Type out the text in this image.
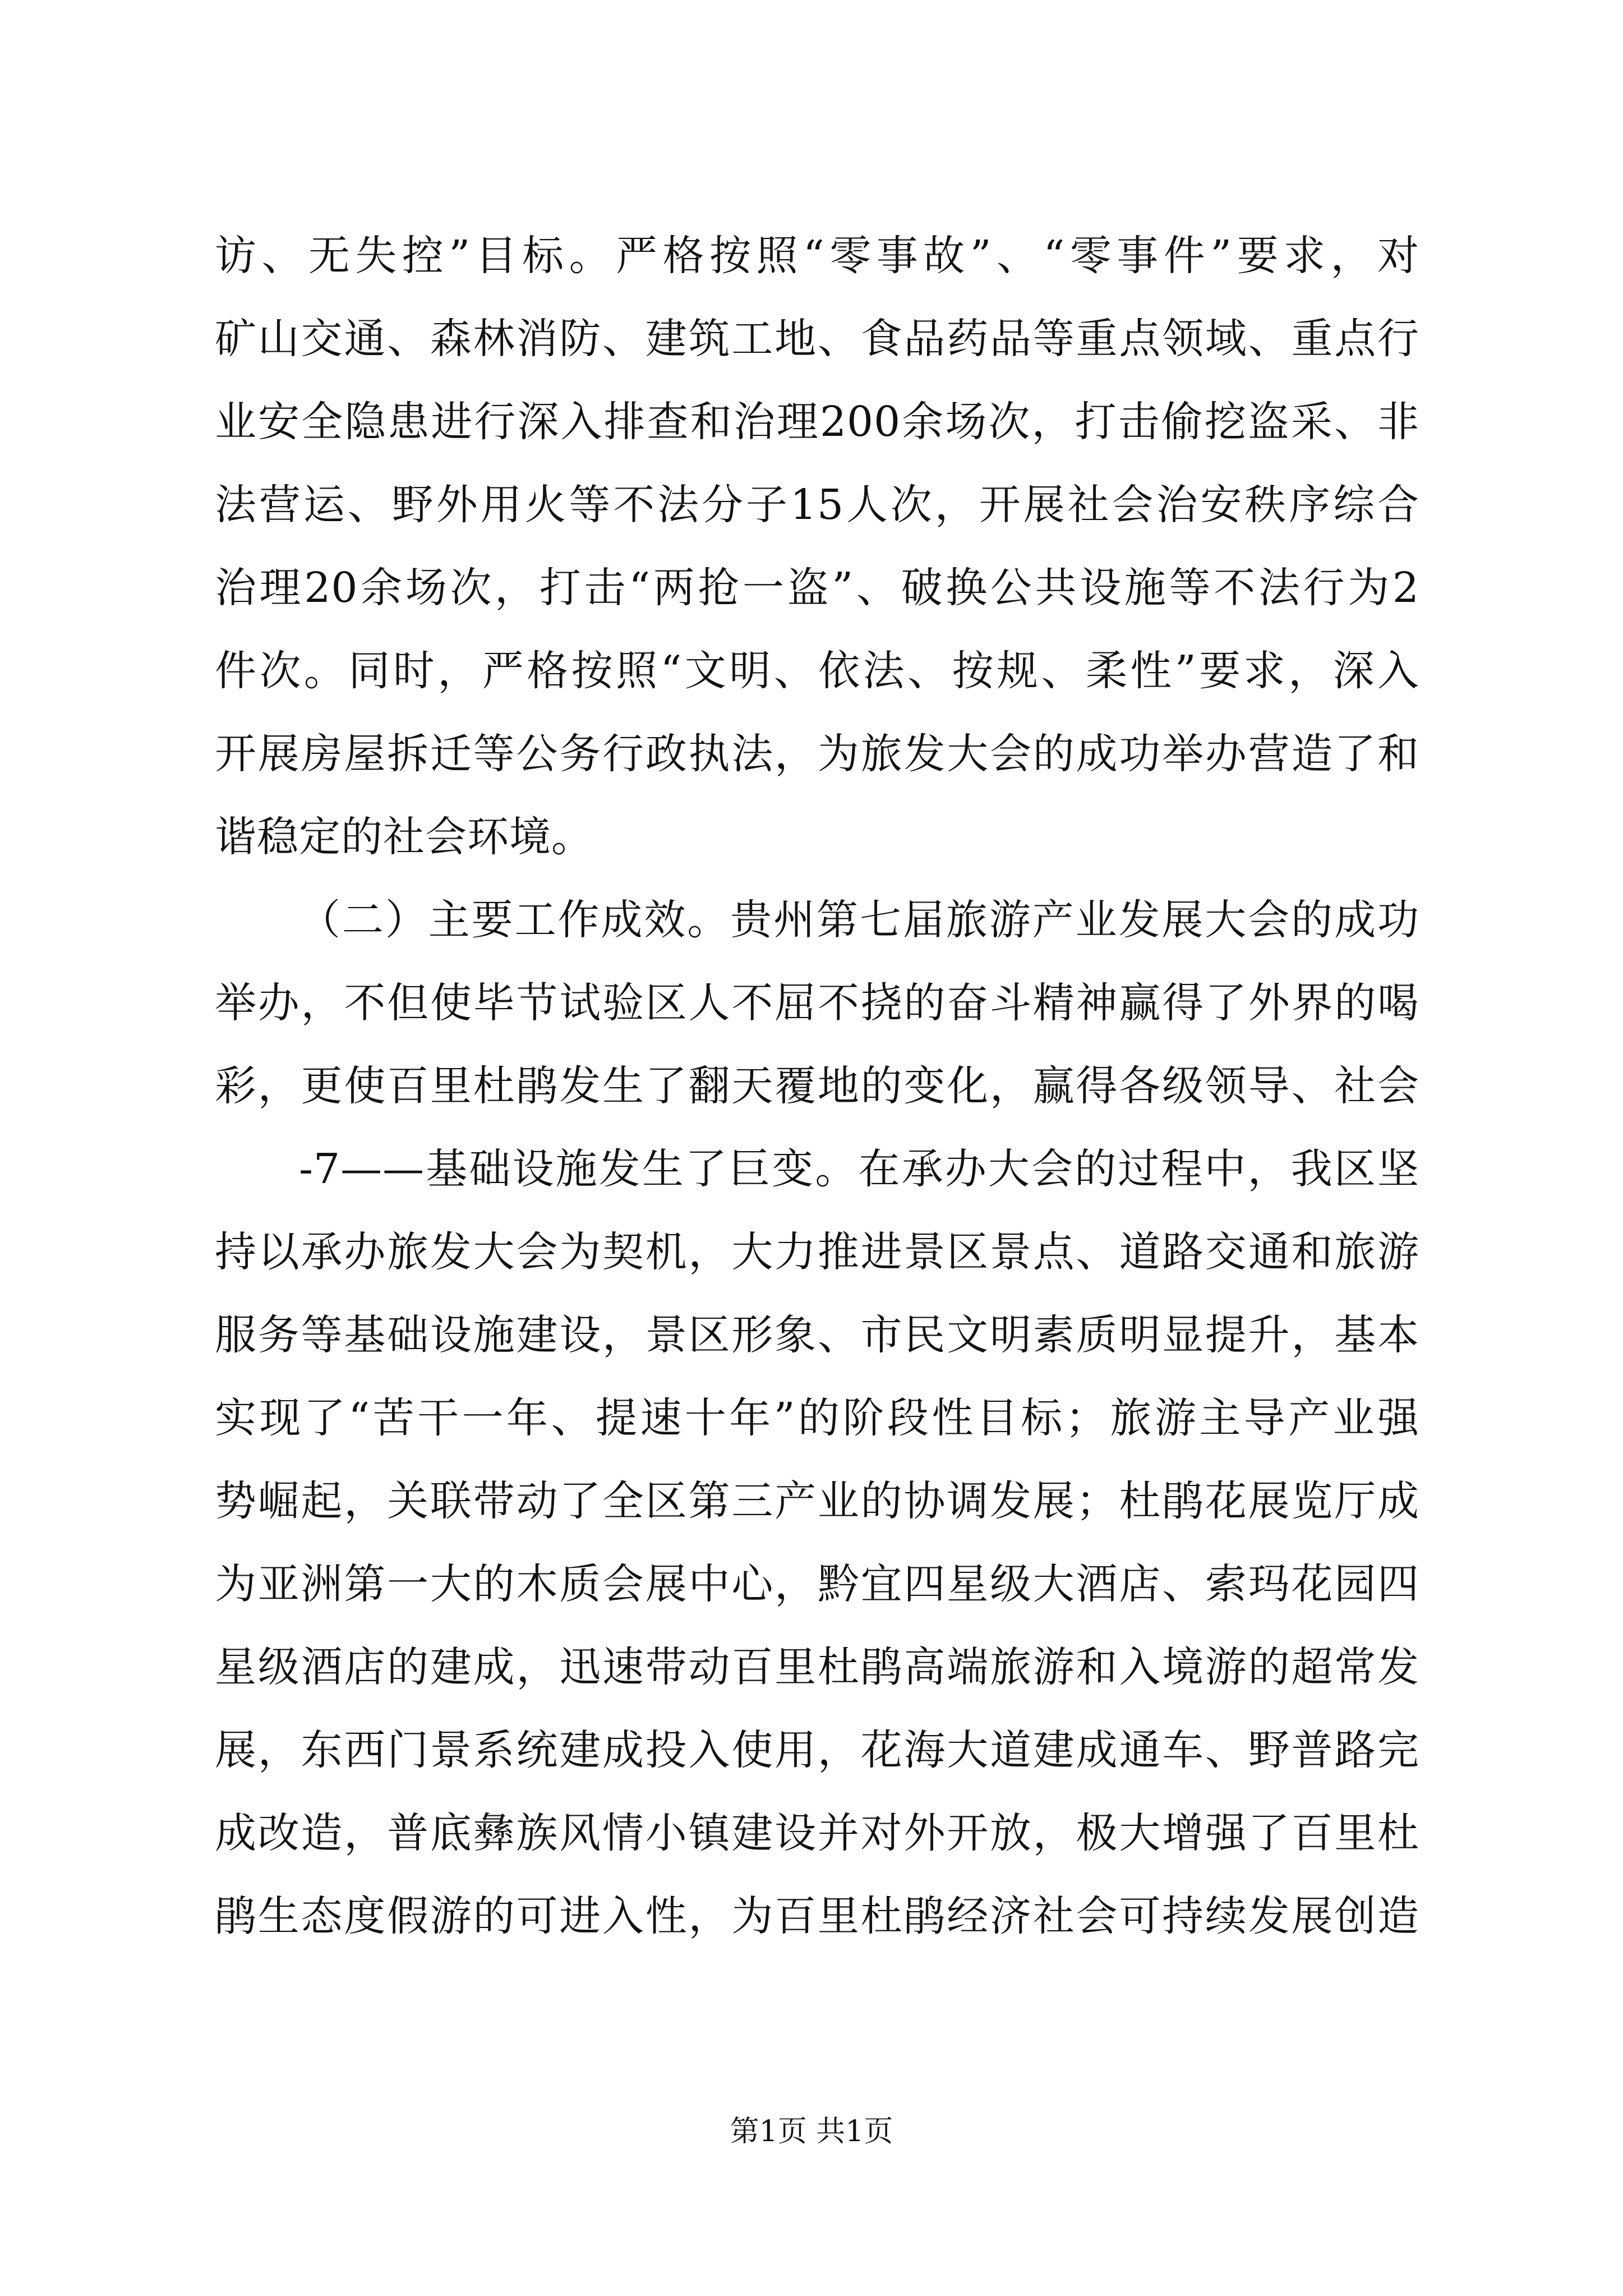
访、无失控”目标。严格按照“零事故”、“零事件”要求，对
矿山交通、森林消防、建筑工地、食品药品等重点领域、重点行
业安全隐患进行深入排查和治理200余场次，打击偷挖盗采、非
法营运、野外用火等不法分子15人次，开展社会治安秩序综合
治理20余场次，打击“两抢一盗”、破换公共设施等不法行为2
件次。同时，严格按照“文明、依法、按规、柔性”要求，深入
开展房屋拆迁等公务行政执法，为旅发大会的成功举办营造了和
谐稳定的社会环境。
（二）主要工作成效。贵州第七届旅游产业发展大会的成功
举办，不但使毕节试验区人不屈不挠的奋斗精神赢得了外界的喝
彩，更使百里杜鹃发生了翻天覆地的变化，赢得各级领导、社会
-7——基础设施发生了巨变。在承办大会的过程中，我区坚
持以承办旅发大会为契机，大力推进景区景点、道路交通和旅游
服务等基础设施建设，景区形象、市民文明素质明显提升，基本
实现了“苦干一年、提速十年”的阶段性目标；旅游主导产业强
势崛起，关联带动了全区第三产业的协调发展；杜鹃花展览厅成
为亚洲第一大的木质会展中心，黔宜四星级大酒店、索玛花园四
星级酒店的建成，迅速带动百里杜鹃高端旅游和入境游的超常发
展，东西门景系统建成投入使用，花海大道建成通车、野普路完
成改造，普底彝族风情小镇建设并对外开放，极大增强了百里杜
鹃生态度假游的可进入性，为百里杜鹃经济社会可持续发展创造
第1页 共1页
